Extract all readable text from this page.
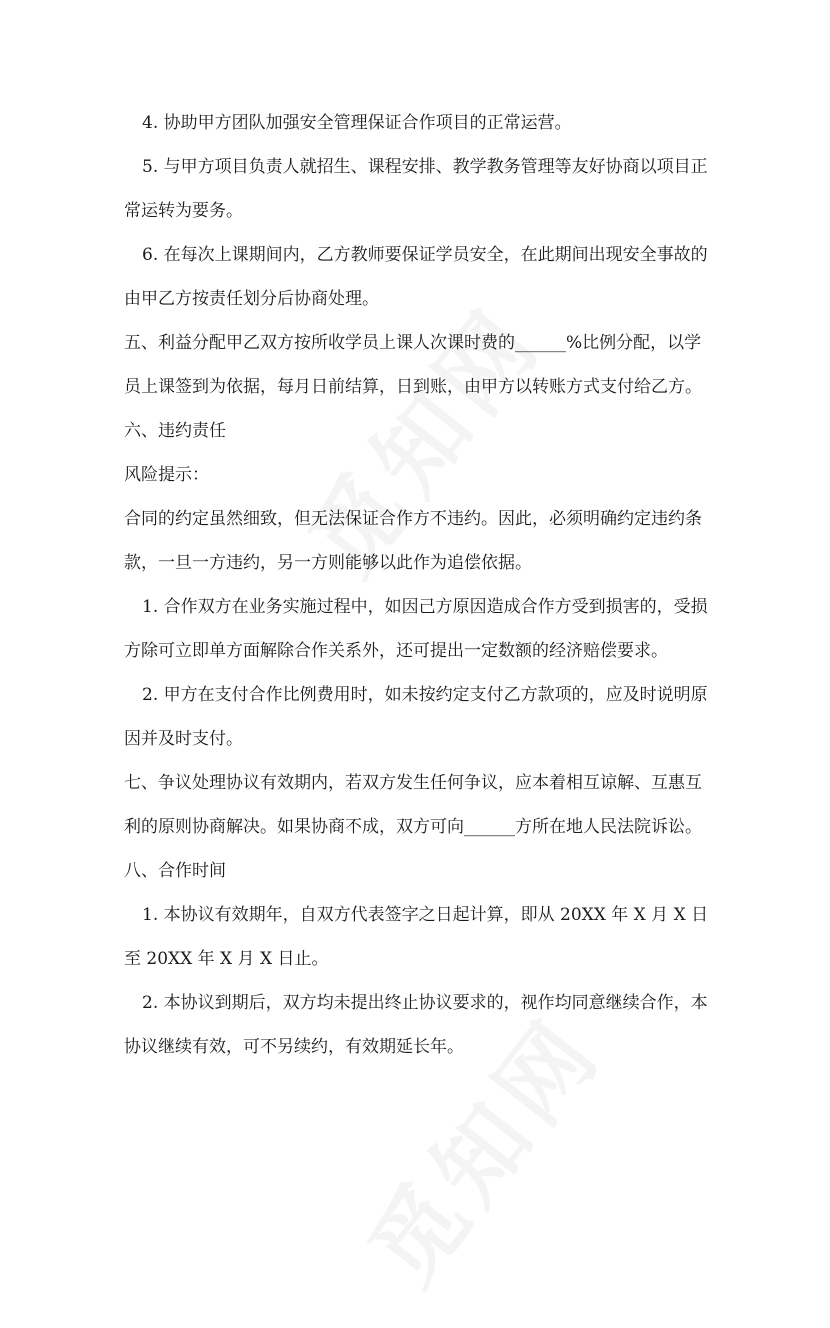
4. 协助甲方团队加强安全管理保证合作项目的正常运营。
5. 与甲方项目负责人就招生、课程安排、教学教务管理等友好协商以项目正
常运转为要务。
6. 在每次上课期间内，乙方教师要保证学员安全，在此期间出现安全事故的
由甲乙方按责任划分后协商处理。
五、利益分配甲乙双方按所收学员上课人次课时费的______%比例分配，以学
员上课签到为依据，每月日前结算，日到账，由甲方以转账方式支付给乙方。
六、违约责任
风险提示：
合同的约定虽然细致，但无法保证合作方不违约。因此，必须明确约定违约条
款，一旦一方违约，另一方则能够以此作为追偿依据。
1. 合作双方在业务实施过程中，如因己方原因造成合作方受到损害的，受损
方除可立即单方面解除合作关系外，还可提出一定数额的经济赔偿要求。
2. 甲方在支付合作比例费用时，如未按约定支付乙方款项的，应及时说明原
因并及时支付。
七、争议处理协议有效期内，若双方发生任何争议，应本着相互谅解、互惠互
利的原则协商解决。如果协商不成，双方可向______方所在地人民法院诉讼。
八、合作时间
1. 本协议有效期年，自双方代表签字之日起计算，即从 20XX 年 X 月 X 日
至 20XX 年 X 月 X 日止。
2. 本协议到期后，双方均未提出终止协议要求的，视作均同意继续合作，本
协议继续有效，可不另续约，有效期延长年。
